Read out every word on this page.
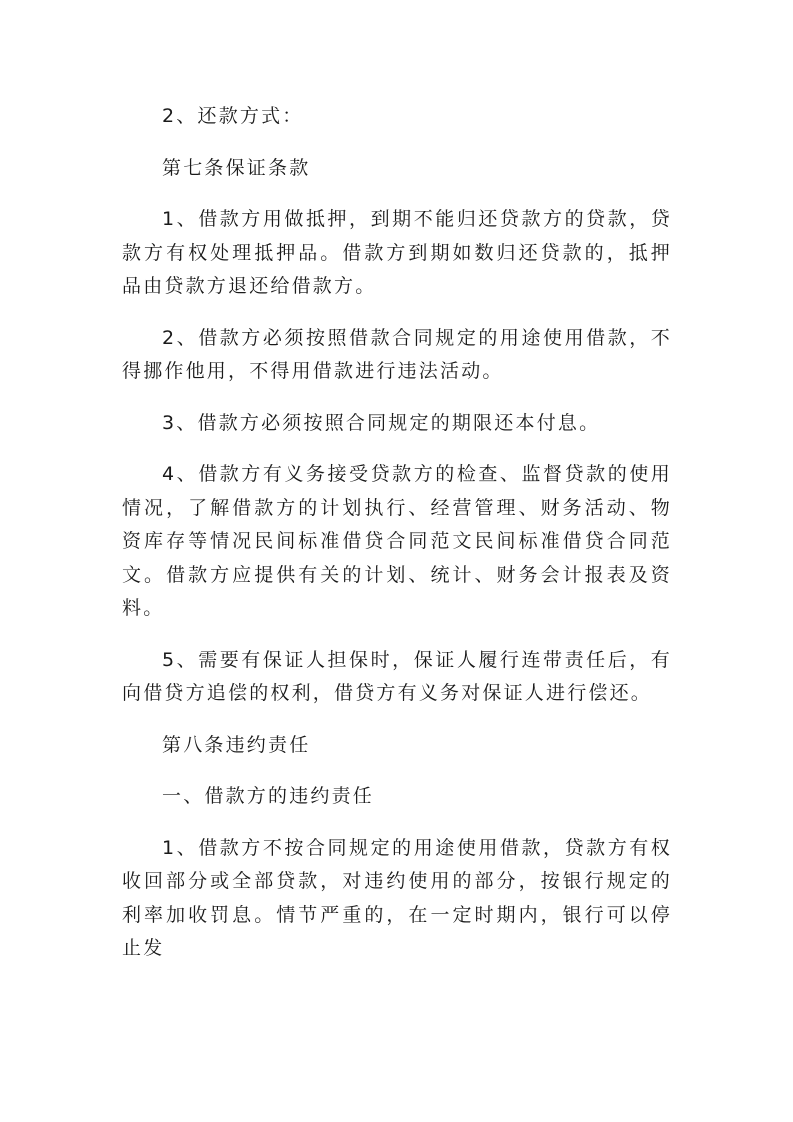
2、还款方式：

第七条保证条款

1、借款方用做抵押，到期不能归还贷款方的贷款，贷款方有权处理抵押品。借款方到期如数归还贷款的，抵押品由贷款方退还给借款方。

2、借款方必须按照借款合同规定的用途使用借款，不得挪作他用，不得用借款进行违法活动。

3、借款方必须按照合同规定的期限还本付息。

4、借款方有义务接受贷款方的检查、监督贷款的使用情况，了解借款方的计划执行、经营管理、财务活动、物资库存等情况民间标准借贷合同范文民间标准借贷合同范文。借款方应提供有关的计划、统计、财务会计报表及资料。

5、需要有保证人担保时，保证人履行连带责任后，有向借贷方追偿的权利，借贷方有义务对保证人进行偿还。

第八条违约责任

一、借款方的违约责任

1、借款方不按合同规定的用途使用借款，贷款方有权收回部分或全部贷款，对违约使用的部分，按银行规定的利率加收罚息。情节严重的，在一定时期内，银行可以停止发
